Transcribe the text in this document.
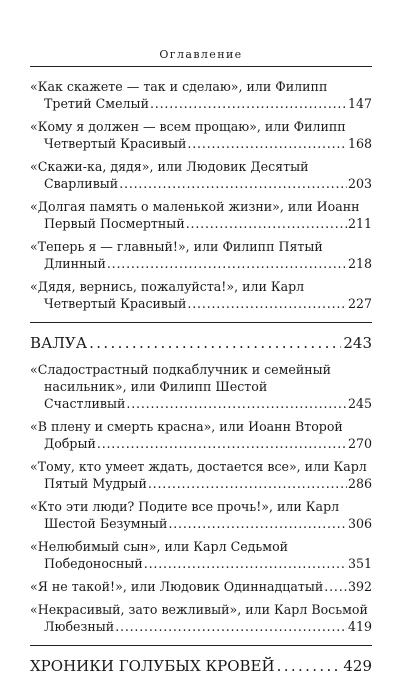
Оглавление
«Как скажете — так и сделаю», или Филипп
Третий Смелый . . .	147
«Кому я должен — всем прощаю», или Филипп
Четвертый Красивый . . .	168
«Скажи-ка, дядя», или Людовик Десятый
Сварливый . . .	203
«Долгая память о маленькой жизни», или Иоанн
Первый Посмертный . . .	211
«Теперь я — главный!», или Филипп Пятый
Длинный . . .	218
«Дядя, вернись, пожалуйста!», или Карл
Четвертый Красивый . . .	227
ВАЛУА . . .	243
«Сладострастный подкаблучник и семейный
насильник», или Филипп Шестой
Счастливый . . .	245
«В плену и смерть красна», или Иоанн Второй
Добрый . . .	270
«Тому, кто умеет ждать, достается все», или Карл
Пятый Мудрый . . .	286
«Кто эти люди? Подите все прочь!», или Карл
Шестой Безумный . . .	306
«Нелюбимый сын», или Карл Седьмой
Победоносный . . .	351
«Я не такой!», или Людовик Одиннадцатый . . . 392
«Некрасивый, зато вежливый», или Карл Восьмой
Любезный . . .	419
ХРОНИКИ ГОЛУБЫХ КРОВЕЙ . . .	429
